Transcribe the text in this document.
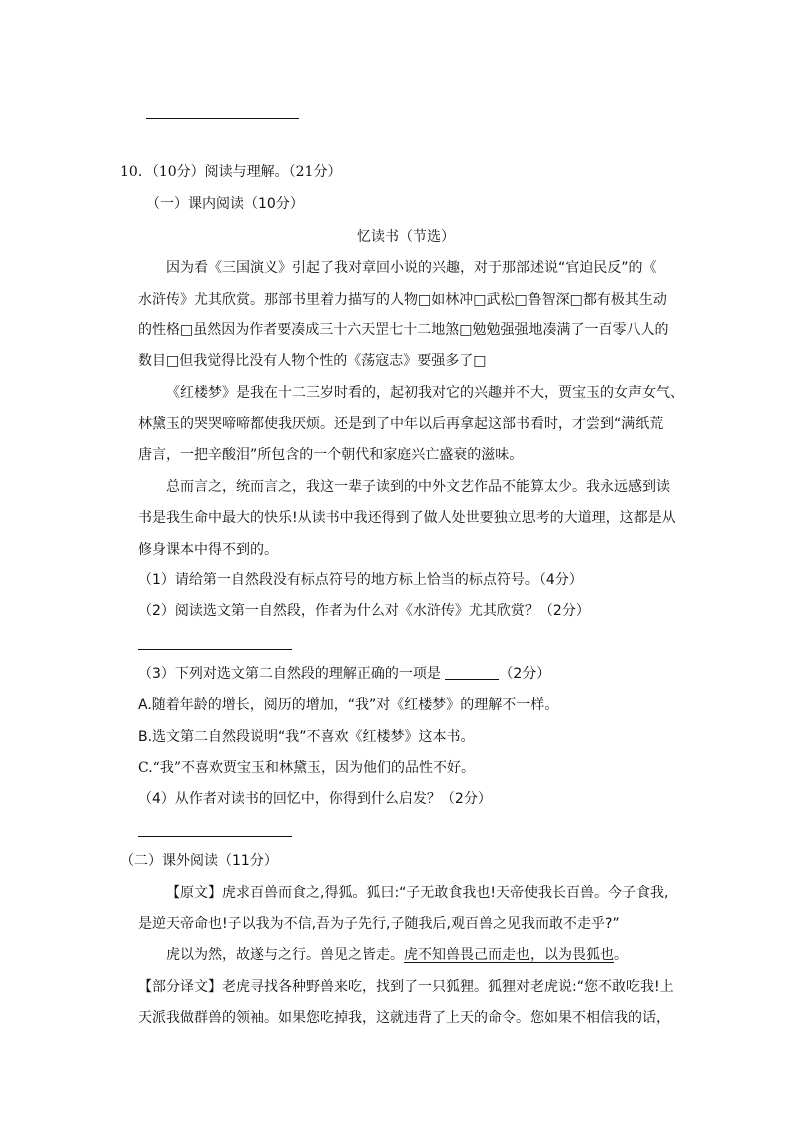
10．（10分）阅读与理解。（21分）
（一）课内阅读（10分）
忆读书（节选）
因为看《三国演义》引起了我对章回小说的兴趣，对于那部述说“官迫民反”的《
水浒传》尤其欣赏。那部书里着力描写的人物□如林冲□武松□鲁智深□都有极其生动
的性格□虽然因为作者要凑成三十六天罡七十二地煞□勉勉强强地凑满了一百零八人的
数目□但我觉得比没有人物个性的《荡寇志》要强多了□
《红楼梦》是我在十二三岁时看的，起初我对它的兴趣并不大，贾宝玉的女声女气、
林黛玉的哭哭啼啼都使我厌烦。还是到了中年以后再拿起这部书看时，才尝到“满纸荒
唐言，一把辛酸泪”所包含的一个朝代和家庭兴亡盛衰的滋味。
总而言之，统而言之，我这一辈子读到的中外文艺作品不能算太少。我永远感到读
书是我生命中最大的快乐!从读书中我还得到了做人处世要独立思考的大道理，这都是从
修身课本中得不到的。
（1）请给第一自然段没有标点符号的地方标上恰当的标点符号。（4分）
（2）阅读选文第一自然段，作者为什么对《水浒传》尤其欣赏？（2分）
（3）下列对选文第二自然段的理解正确的一项是	（2分）
A.随着年龄的增长，阅历的增加，“我”对《红楼梦》的理解不一样。
B.选文第二自然段说明“我”不喜欢《红楼梦》这本书。
C.“我”不喜欢贾宝玉和林黛玉，因为他们的品性不好。
（4）从作者对读书的回忆中，你得到什么启发？（2分）
（二）课外阅读（11分）
【原文】虎求百兽而食之,得狐。狐曰:“子无敢食我也!天帝使我长百兽。今子食我,
是逆天帝命也!子以我为不信,吾为子先行,子随我后,观百兽之见我而敢不走乎?”
虎以为然，故遂与之行。兽见之皆走。虎不知兽畏己而走也，以为畏狐也。
【部分译文】老虎寻找各种野兽来吃，找到了一只狐狸。狐狸对老虎说:“您不敢吃我!上
天派我做群兽的领袖。如果您吃掉我，这就违背了上天的命令。您如果不相信我的话，
